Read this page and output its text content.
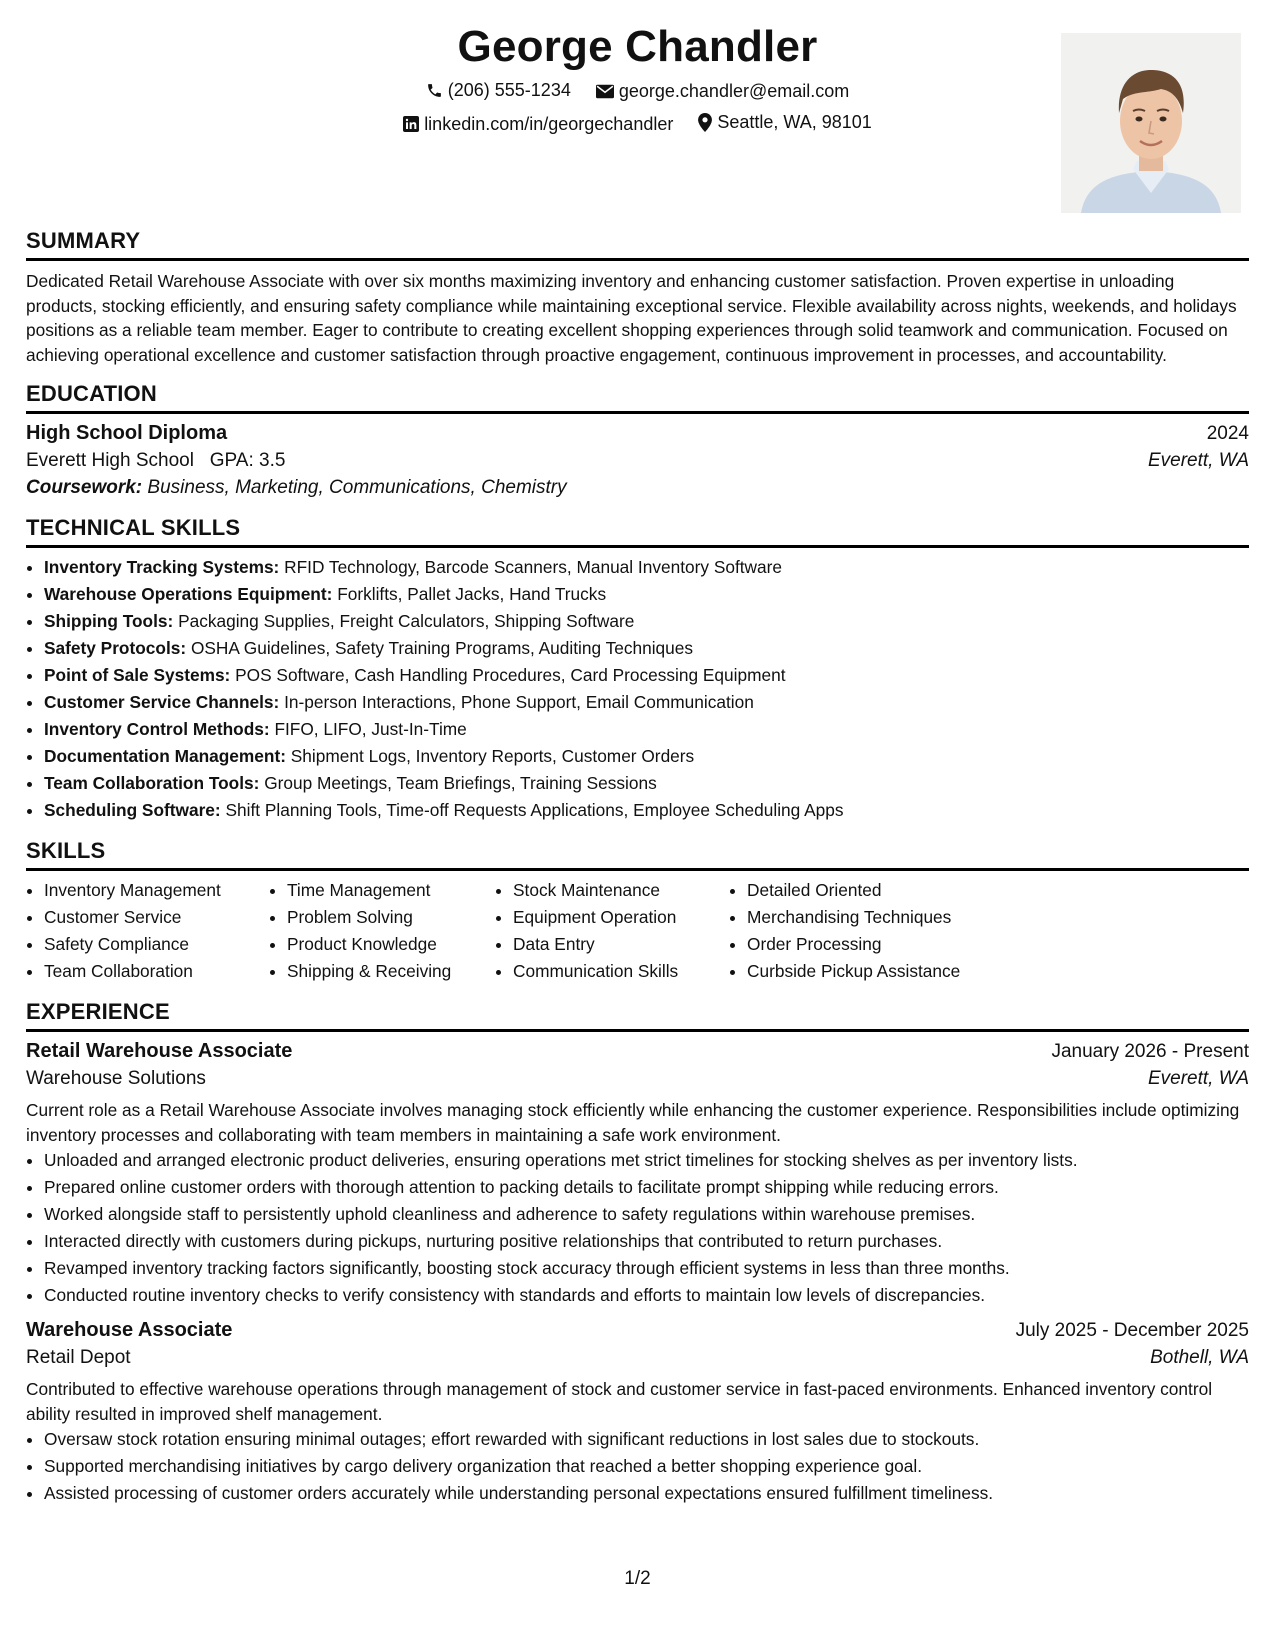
George Chandler
(206) 555-1234
	george.chandler@email.com
linkedin.com/in/georgechandler
Seattle, WA, 98101
SUMMARY

Dedicated Retail Warehouse Associate with over six months maximizing inventory and enhancing customer satisfaction. Proven expertise in unloading products, stocking efficiently, and ensuring safety compliance while maintaining exceptional service. Flexible availability across nights, weekends, and holidays positions as a reliable team member. Eager to contribute to creating excellent shopping experiences through solid teamwork and communication. Focused on achieving operational excellence and customer satisfaction through proactive engagement, continuous improvement in processes, and accountability.

EDUCATION
High School Diploma	2024
Everett High School GPA: 3.5	Everett, WA
Coursework: Business, Marketing, Communications, Chemistry
TECHNICAL SKILLS
• Inventory Tracking Systems: RFID Technology, Barcode Scanners, Manual Inventory Software
• Warehouse Operations Equipment: Forklifts, Pallet Jacks, Hand Trucks
• Shipping Tools: Packaging Supplies, Freight Calculators, Shipping Software
• Safety Protocols: OSHA Guidelines, Safety Training Programs, Auditing Techniques
• Point of Sale Systems: POS Software, Cash Handling Procedures, Card Processing Equipment
• Customer Service Channels: In-person Interactions, Phone Support, Email Communication
• Inventory Control Methods: FIFO, LIFO, Just-In-Time
• Documentation Management: Shipment Logs, Inventory Reports, Customer Orders
• Team Collaboration Tools: Group Meetings, Team Briefings, Training Sessions
• Scheduling Software: Shift Planning Tools, Time-off Requests Applications, Employee Scheduling Apps
SKILLS
• Inventory Management
• Customer Service
• Safety Compliance
• Team Collaboration
• Time Management
• Problem Solving
• Product Knowledge
• Shipping & Receiving
• Stock Maintenance
• Equipment Operation
• Data Entry
• Communication Skills
• Detailed Oriented
• Merchandising Techniques
• Order Processing
• Curbside Pickup Assistance
EXPERIENCE
Retail Warehouse Associate	January 2026 - Present
Warehouse Solutions	Everett, WA

Current role as a Retail Warehouse Associate involves managing stock efficiently while enhancing the customer experience. Responsibilities include optimizing inventory processes and collaborating with team members in maintaining a safe work environment.

• Unloaded and arranged electronic product deliveries, ensuring operations met strict timelines for stocking shelves as per inventory lists.
• Prepared online customer orders with thorough attention to packing details to facilitate prompt shipping while reducing errors.
• Worked alongside staff to persistently uphold cleanliness and adherence to safety regulations within warehouse premises.
• Interacted directly with customers during pickups, nurturing positive relationships that contributed to return purchases.
• Revamped inventory tracking factors significantly, boosting stock accuracy through efficient systems in less than three months.
• Conducted routine inventory checks to verify consistency with standards and efforts to maintain low levels of discrepancies.
Warehouse Associate	July 2025 - December 2025
Retail Depot	Bothell, WA

Contributed to effective warehouse operations through management of stock and customer service in fast-paced environments. Enhanced inventory control ability resulted in improved shelf management.

• Oversaw stock rotation ensuring minimal outages; effort rewarded with significant reductions in lost sales due to stockouts.
• Supported merchandising initiatives by cargo delivery organization that reached a better shopping experience goal.
• Assisted processing of customer orders accurately while understanding personal expectations ensured fulfillment timeliness.
1/2
